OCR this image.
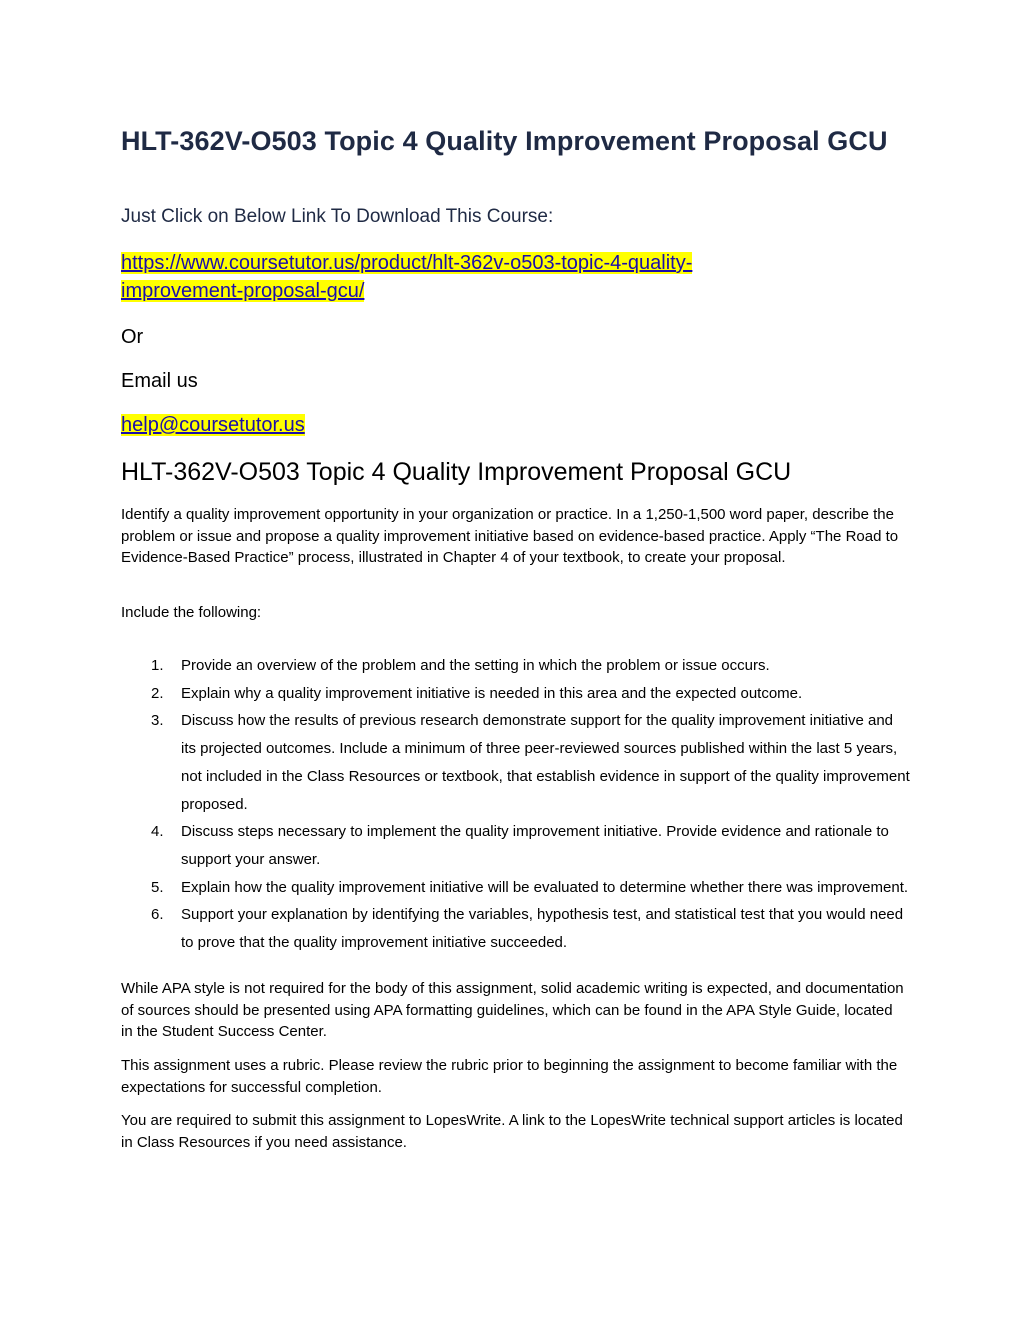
HLT-362V-O503 Topic 4 Quality Improvement Proposal GCU

Just Click on Below Link To Download This Course:

https://www.coursetutor.us/product/hlt-362v-o503-topic-4-quality-
improvement-proposal-gcu/

Or

Email us

help@coursetutor.us
HLT-362V-O503 Topic 4 Quality Improvement Proposal GCU

Identify a quality improvement opportunity in your organization or practice. In a 1,250-1,500 word paper, describe the problem or issue and propose a quality improvement initiative based on evidence-based practice. Apply “The Road to Evidence-Based Practice” process, illustrated in Chapter 4 of your textbook, to create your proposal.

Include the following:

1. Provide an overview of the problem and the setting in which the problem or issue occurs.
2. Explain why a quality improvement initiative is needed in this area and the expected outcome.
3. Discuss how the results of previous research demonstrate support for the quality improvement initiative and its projected outcomes. Include a minimum of three peer-reviewed sources published within the last 5 years, not included in the Class Resources or textbook, that establish evidence in support of the quality improvement proposed.
4. Discuss steps necessary to implement the quality improvement initiative. Provide evidence and rationale to support your answer.
5. Explain how the quality improvement initiative will be evaluated to determine whether there was improvement.
6. Support your explanation by identifying the variables, hypothesis test, and statistical test that you would need to prove that the quality improvement initiative succeeded.

While APA style is not required for the body of this assignment, solid academic writing is expected, and documentation of sources should be presented using APA formatting guidelines, which can be found in the APA Style Guide, located in the Student Success Center.

This assignment uses a rubric. Please review the rubric prior to beginning the assignment to become familiar with the expectations for successful completion.

You are required to submit this assignment to LopesWrite. A link to the LopesWrite technical support articles is located in Class Resources if you need assistance.
